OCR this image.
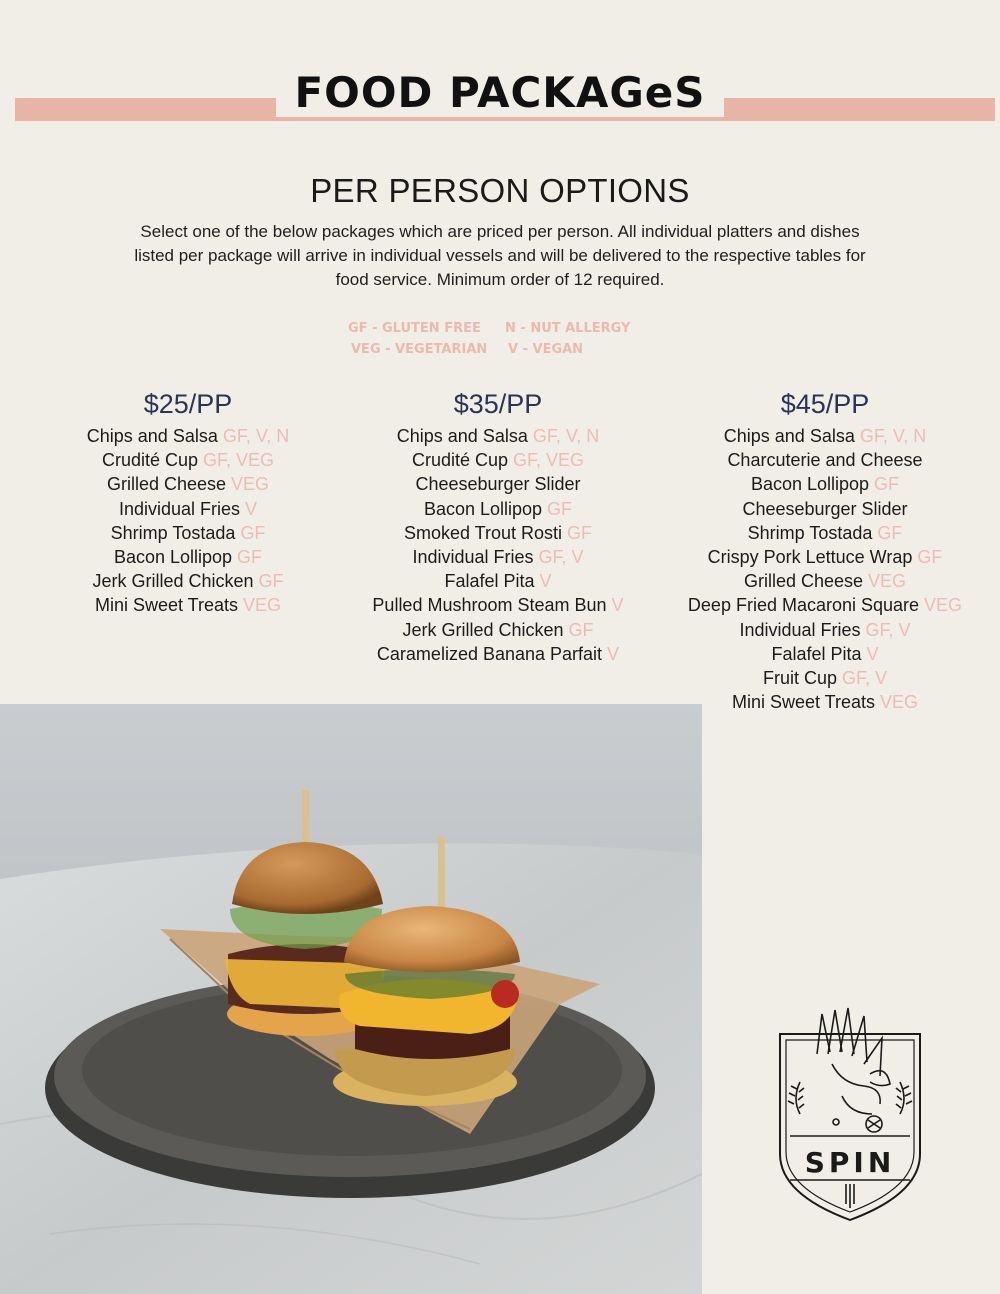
FOOD PACKAGeS
PER PERSON OPTIONS
Select one of the below packages which are priced per person. All individual platters and dishes
listed per package will arrive in individual vessels and will be delivered to the respective tables for
food service. Minimum order of 12 required.
GF - GLUTEN FREE N - NUT ALLERGY
VEG - VEGETARIAN V - VEGAN
$25/PP
Chips and Salsa GF, V, N
Crudité Cup GF, VEG
Grilled Cheese VEG
Individual Fries V
Shrimp Tostada GF
Bacon Lollipop GF
Jerk Grilled Chicken GF
Mini Sweet Treats VEG
$35/PP
Chips and Salsa GF, V, N
Crudité Cup GF, VEG
Cheeseburger Slider
Bacon Lollipop GF
Smoked Trout Rosti GF
Individual Fries GF, V
Falafel Pita V
Pulled Mushroom Steam Bun V
Jerk Grilled Chicken GF
Caramelized Banana Parfait V
$45/PP
Chips and Salsa GF, V, N
Charcuterie and Cheese
Bacon Lollipop GF
Cheeseburger Slider
Shrimp Tostada GF
Crispy Pork Lettuce Wrap GF
Grilled Cheese VEG
Deep Fried Macaroni Square VEG
Individual Fries GF, V
Falafel Pita V
Fruit Cup GF, V
Mini Sweet Treats VEG
SPIN
